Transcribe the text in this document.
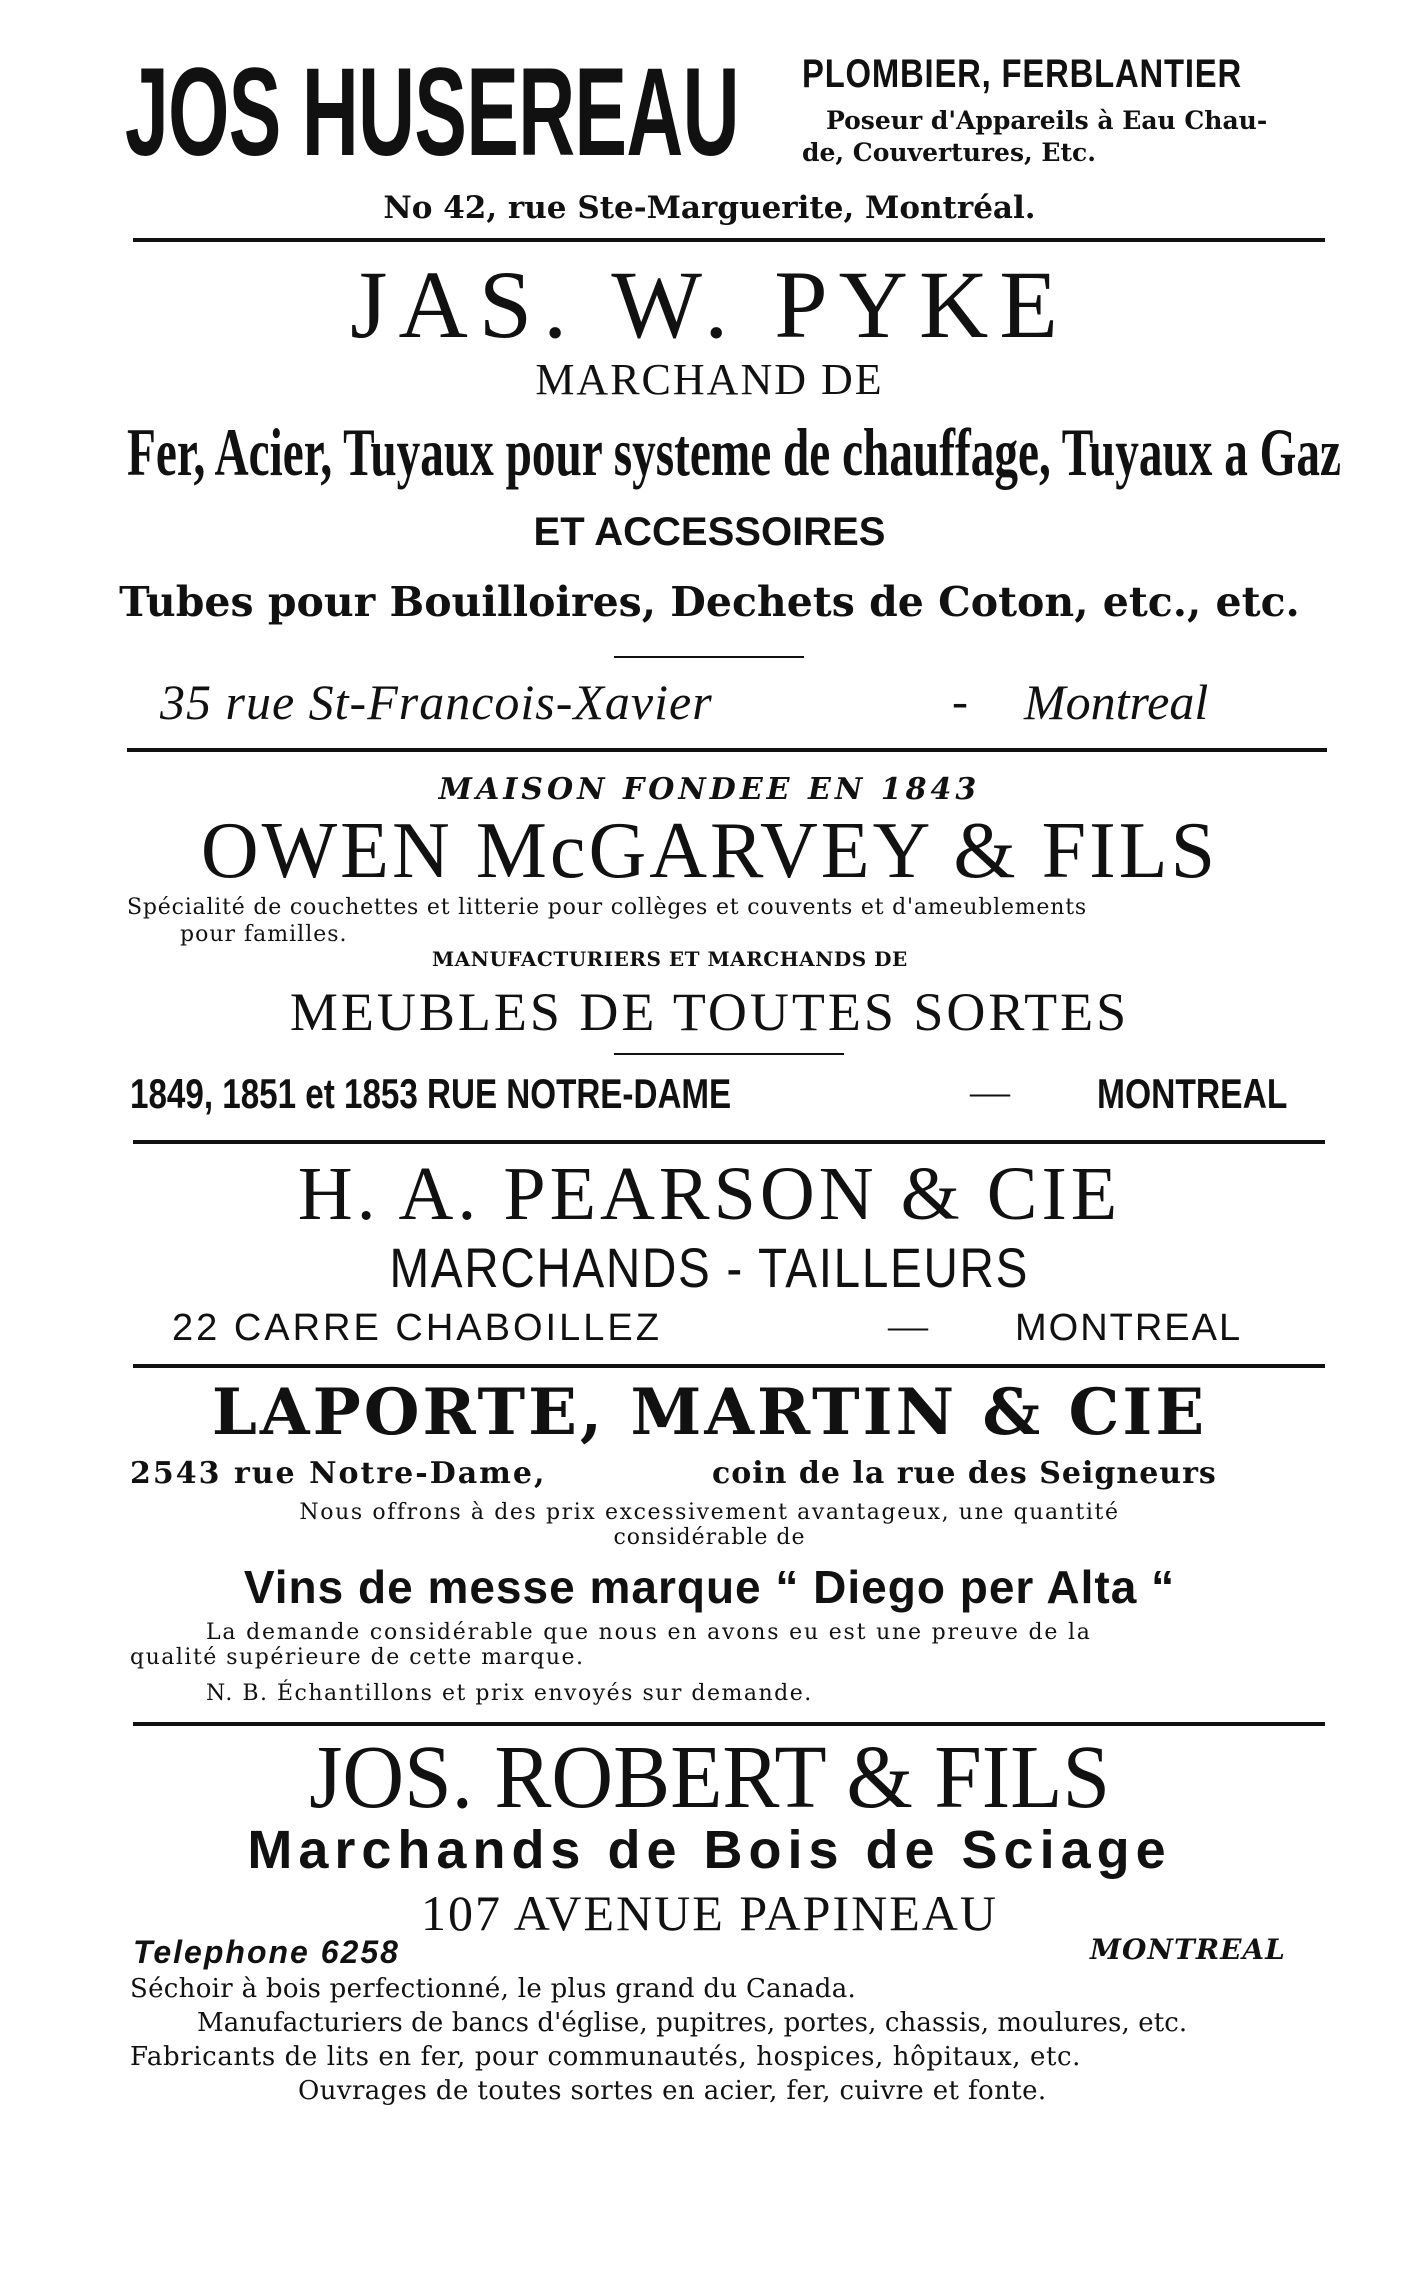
JOS HUSEREAU	PLOMBIER, FERBLANTIER
Poseur d'Appareils à Eau Chau-
de, Couvertures, Etc.
No 42, rue Ste-Marguerite, Montréal.
JAS. W. PYKE
MARCHAND DE
Fer, Acier, Tuyaux pour systeme de chauffage, Tuyaux a Gaz
ET ACCESSOIRES
Tubes pour Bouilloires, Dechets de Coton, etc., etc.
35 rue St-Francois-Xavier	-	Montreal
MAISON FONDEE EN 1843
OWEN McGARVEY & FILS
Spécialité de couchettes et litterie pour collèges et couvents et d'ameublements
pour familles.
MANUFACTURIERS ET MARCHANDS DE
MEUBLES DE TOUTES SORTES
1849, 1851 et 1853 RUE NOTRE-DAME	—	MONTREAL
H. A. PEARSON & CIE
MARCHANDS - TAILLEURS
22 CARRE CHABOILLEZ	—	MONTREAL
LAPORTE, MARTIN & CIE
2543 rue Notre-Dame,	coin de la rue des Seigneurs
Nous offrons à des prix excessivement avantageux, une quantité
considérable de
Vins de messe marque “ Diego per Alta “
La demande considérable que nous en avons eu est une preuve de la
qualité supérieure de cette marque.
N. B. Échantillons et prix envoyés sur demande.
JOS. ROBERT & FILS
Marchands de Bois de Sciage
107 AVENUE PAPINEAU
Telephone 6258	MONTREAL
Séchoir à bois perfectionné, le plus grand du Canada.
Manufacturiers de bancs d'église, pupitres, portes, chassis, moulures, etc.
Fabricants de lits en fer, pour communautés, hospices, hôpitaux, etc.
Ouvrages de toutes sortes en acier, fer, cuivre et fonte.
